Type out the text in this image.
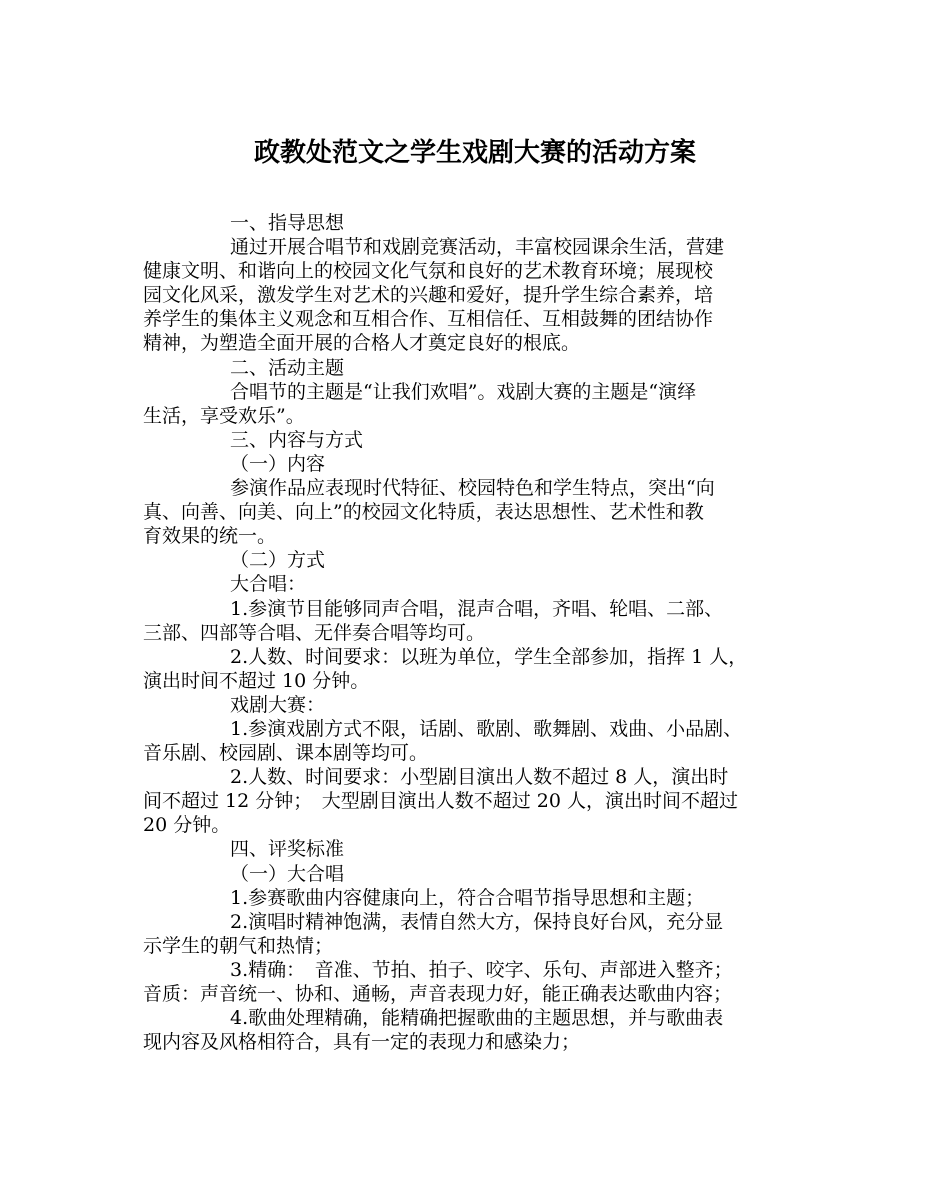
政教处范文之学生戏剧大赛的活动方案
一、指导思想
通过开展合唱节和戏剧竞赛活动，丰富校园课余生活，营建
健康文明、和谐向上的校园文化气氛和良好的艺术教育环境；展现校
园文化风采，激发学生对艺术的兴趣和爱好，提升学生综合素养，培
养学生的集体主义观念和互相合作、互相信任、互相鼓舞的团结协作
精神，为塑造全面开展的合格人才奠定良好的根底。
二、活动主题
合唱节的主题是“让我们欢唱”。戏剧大赛的主题是“演绎
生活，享受欢乐”。
三、内容与方式
（一）内容
参演作品应表现时代特征、校园特色和学生特点，突出“向
真、向善、向美、向上”的校园文化特质，表达思想性、艺术性和教
育效果的统一。
（二）方式
大合唱：
1.参演节目能够同声合唱，混声合唱，齐唱、轮唱、二部、
三部、四部等合唱、无伴奏合唱等均可。
2.人数、时间要求：以班为单位，学生全部参加，指挥 1 人，
演出时间不超过 10 分钟。
戏剧大赛：
1.参演戏剧方式不限，话剧、歌剧、歌舞剧、戏曲、小品剧、
音乐剧、校园剧、课本剧等均可。
2.人数、时间要求：小型剧目演出人数不超过 8 人，演出时
间不超过 12 分钟；　大型剧目演出人数不超过 20 人，演出时间不超过
20 分钟。
四、评奖标准
（一）大合唱
1.参赛歌曲内容健康向上，符合合唱节指导思想和主题；
2.演唱时精神饱满，表情自然大方，保持良好台风，充分显
示学生的朝气和热情；
3.精确：　音准、节拍、拍子、咬字、乐句、声部进入整齐；
音质：声音统一、协和、通畅，声音表现力好，能正确表达歌曲内容；
4.歌曲处理精确，能精确把握歌曲的主题思想，并与歌曲表
现内容及风格相符合，具有一定的表现力和感染力；
